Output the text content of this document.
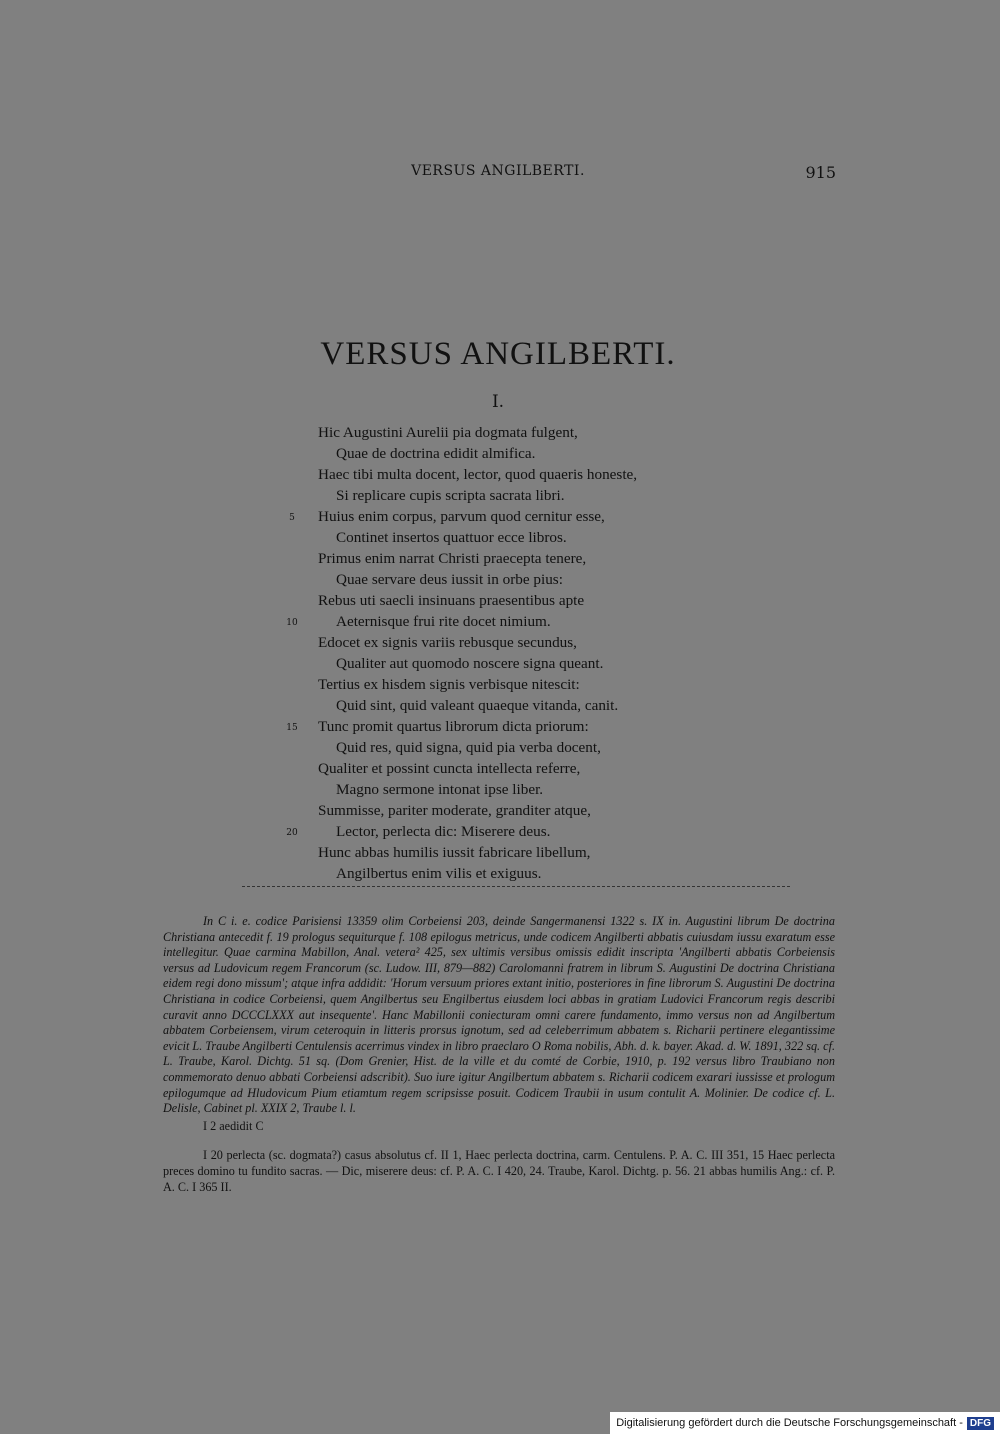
VERSUS ANGILBERTI.	915
VERSUS ANGILBERTI.
I.
Hic Augustini Aurelii pia dogmata fulgent,
Quae de doctrina edidit almifica.
Haec tibi multa docent, lector, quod quaeris honeste,
Si replicare cupis scripta sacrata libri.
Huius enim corpus, parvum quod cernitur esse,
5
Continet insertos quattuor ecce libros.
Primus enim narrat Christi praecepta tenere,
Quae servare deus iussit in orbe pius:
Rebus uti saecli insinuans praesentibus apte
Aeternisque frui rite docet nimium.
10
Edocet ex signis variis rebusque secundus,
Qualiter aut quomodo noscere signa queant.
Tertius ex hisdem signis verbisque nitescit:
Quid sint, quid valeant quaeque vitanda, canit.
Tunc promit quartus librorum dicta priorum:
15
Quid res, quid signa, quid pia verba docent,
Qualiter et possint cuncta intellecta referre,
Magno sermone intonat ipse liber.
Summisse, pariter moderate, granditer atque,
Lector, perlecta dic: Miserere deus.
20
Hunc abbas humilis iussit fabricare libellum,
Angilbertus enim vilis et exiguus.

In C i. e. codice Parisiensi 13359 olim Corbeiensi 203, deinde Sangermanensi 1322 s. IX in. Augustini librum De doctrina Christiana antecedit f. 19 prologus sequiturque f. 108 epilogus metricus, unde codicem Angilberti abbatis cuiusdam iussu exaratum esse intellegitur. Quae carmina Mabillon, Anal. vetera² 425, sex ultimis versibus omissis edidit inscripta 'Angilberti abbatis Corbeiensis versus ad Ludovicum regem Francorum (sc. Ludow. III, 879—882) Carolomanni fratrem in librum S. Augustini De doctrina Christiana eidem regi dono missum'; atque infra addidit: 'Horum versuum priores extant initio, posteriores in fine librorum S. Augustini De doctrina Christiana in codice Corbeiensi, quem Angilbertus seu Engilbertus eiusdem loci abbas in gratiam Ludovici Francorum regis describi curavit anno DCCCLXXX aut insequente'. Hanc Mabillonii coniecturam omni carere fundamento, immo versus non ad Angilbertum abbatem Corbeiensem, virum ceteroquin in litteris prorsus ignotum, sed ad celeberrimum abbatem s. Richarii pertinere elegantissime evicit L. Traube Angilberti Centulensis acerrimus vindex in libro praeclaro O Roma nobilis, Abh. d. k. bayer. Akad. d. W. 1891, 322 sq. cf. L. Traube, Karol. Dichtg. 51 sq. (Dom Grenier, Hist. de la ville et du comté de Corbie, 1910, p. 192 versus libro Traubiano non commemorato denuo abbati Corbeiensi adscribit). Suo iure igitur Angilbertum abbatem s. Richarii codicem exarari iussisse et prologum epilogumque ad Hludovicum Pium etiamtum regem scripsisse posuit. Codicem Traubii in usum contulit A. Molinier. De codice cf. L. Delisle, Cabinet pl. XXIX 2, Traube l. l.

I 2 aedidit C

I 20 perlecta (sc. dogmata?) casus absolutus cf. II 1, Haec perlecta doctrina, carm. Centulens. P. A. C. III 351, 15 Haec perlecta preces domino tu fundito sacras. — Dic, miserere deus: cf. P. A. C. I 420, 24. Traube, Karol. Dichtg. p. 56. 21 abbas humilis Ang.: cf. P. A. C. I 365 II.

Digitalisierung gefördert durch die Deutsche Forschungsgemeinschaft - DFG
